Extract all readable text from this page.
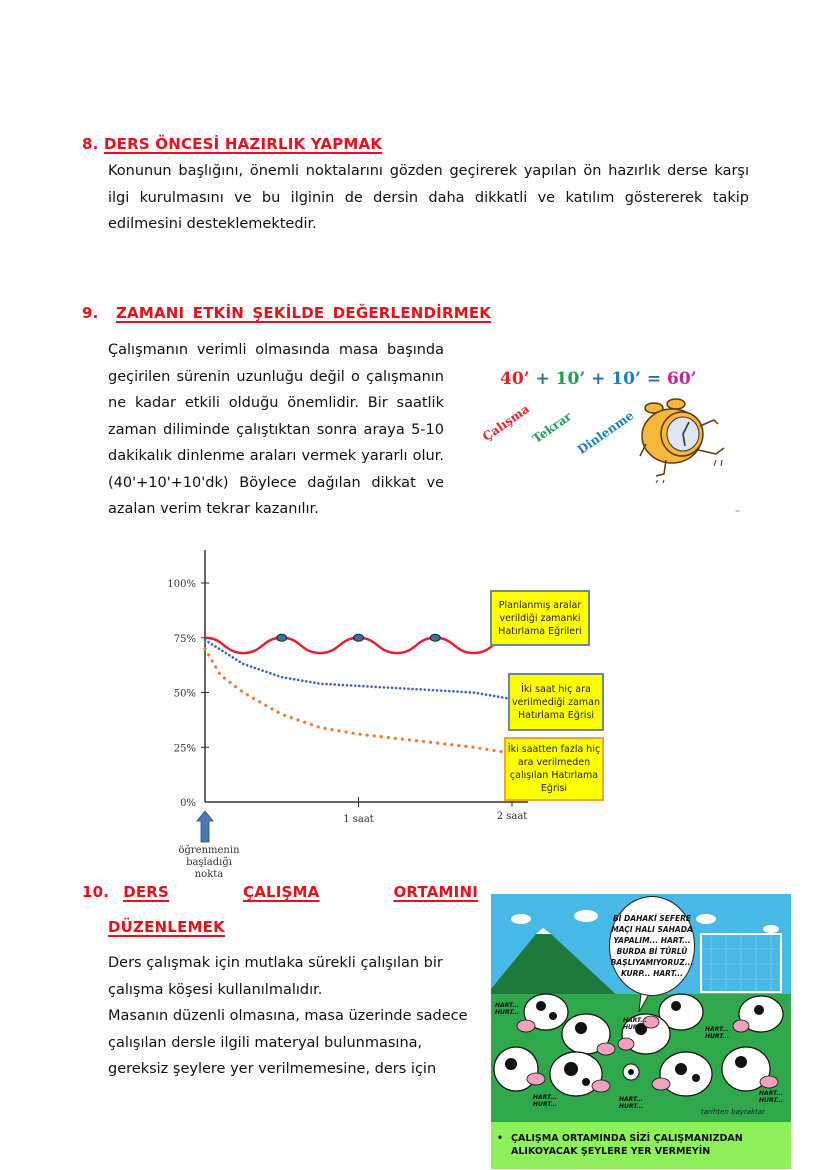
8. DERS ÖNCESİ HAZIRLIK YAPMAK
Konunun başlığını, önemli noktalarını gözden geçirerek yapılan ön hazırlık derse karşı ilgi kurulmasını ve bu ilginin de dersin daha dikkatli ve katılım göstererek takip edilmesini desteklemektedir.
9. ZAMANI ETKİN ŞEKİLDE DEĞERLENDİRMEK
Çalışmanın verimli olmasında masa başında geçirilen sürenin uzunluğu değil o çalışmanın ne kadar etkili olduğu önemlidir. Bir saatlik zaman diliminde çalıştıktan sonra araya 5-10 dakikalık dinlenme araları vermek yararlı olur. (40'+10'+10'dk) Böylece dağılan dikkat ve azalan verim tekrar kazanılır.
40’ + 10’ + 10’ = 60’
Çalışma
Tekrar Dinlenme
=
100%
75%
50%
25%
0%
1 saat	2 saat
öğrenmenin başladığı nokta
Planlanmış aralar verildiği zamanki Hatırlama Eğrileri
İki saat hiç ara verilmediği zaman Hatırlama Eğrisi
İki saatten fazla hiç ara verilmeden çalışılan Hatırlama Eğrisi
10. DERS	ÇALIŞMA	ORTAMINI
DÜZENLEMEK
Ders çalışmak için mutlaka sürekli çalışılan bir
çalışma köşesi kullanılmalıdır.
Masanın düzenli olmasına, masa üzerinde sadece
çalışılan dersle ilgili materyal bulunmasına,
gereksiz şeylere yer verilmemesine, ders için
Bİ DAHAKİ SEFERE MAÇI HALI SAHADA YAPALIM... HART... BURDA Bİ TÜRLÜ BAŞLIYAMIYORUZ... KURP... HART...
HART... HURT...
HART... HURT...	HART... HURT...
HART... HURT...
HART... HURT...
HART... HURT...
tarihten bayraktar
• ÇALIŞMA ORTAMINDA SİZİ ÇALIŞMANIZDAN ALIKOYACAK ŞEYLERE YER VERMEYİN
